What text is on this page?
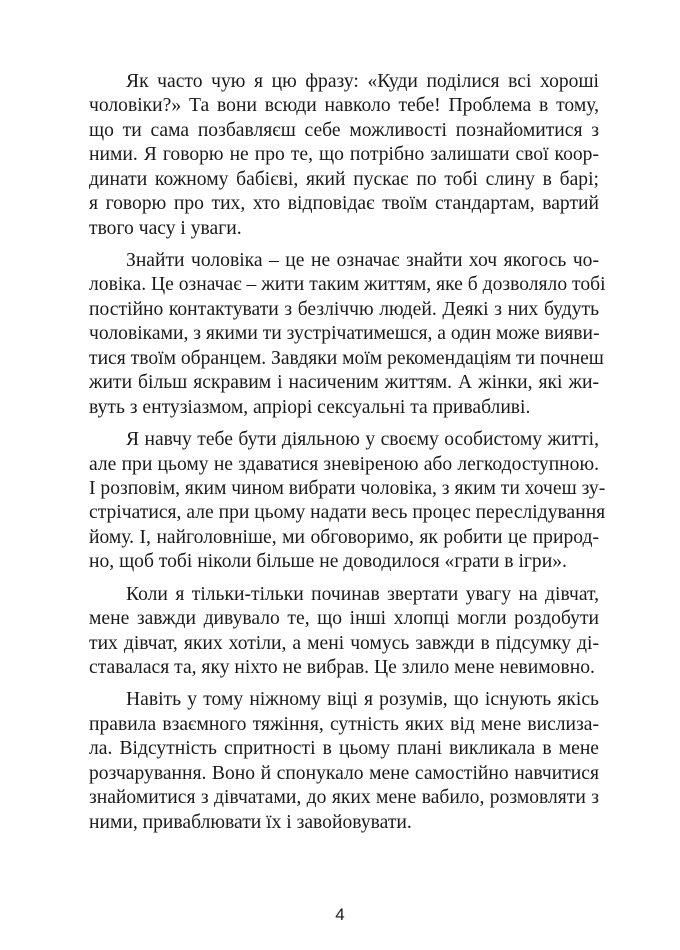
Як часто чую я цю фразу: «Куди поділися всі хороші
чоловіки?» Та вони всюди навколо тебе! Проблема в тому,
що ти сама позбавляєш себе можливості познайомитися з
ними. Я говорю не про те, що потрібно залишати свої коор-
динати кожному бабієві, який пускає по тобі слину в барі;
я говорю про тих, хто відповідає твоїм стандартам, вартий
твого часу і уваги.
Знайти чоловіка – це не означає знайти хоч якогось чо-
ловіка. Це означає – жити таким життям, яке б дозволяло тобі
постійно контактувати з безліччю людей. Деякі з них будуть
чоловіками, з якими ти зустрічатимешся, а один може вияви-
тися твоїм обранцем. Завдяки моїм рекомендаціям ти почнеш
жити більш яскравим і насиченим життям. А жінки, які жи-
вуть з ентузіазмом, апріорі сексуальні та привабливі.
Я навчу тебе бути діяльною у своєму особистому житті,
але при цьому не здаватися зневіреною або легкодоступною.
І розповім, яким чином вибрати чоловіка, з яким ти хочеш зу-
стрічатися, але при цьому надати весь процес переслідування
йому. І, найголовніше, ми обговоримо, як робити це природ-
но, щоб тобі ніколи більше не доводилося «грати в ігри».
Коли я тільки-тільки починав звертати увагу на дівчат,
мене завжди дивувало те, що інші хлопці могли роздобути
тих дівчат, яких хотіли, а мені чомусь завжди в підсумку ді-
ставалася та, яку ніхто не вибрав. Це злило мене невимовно.
Навіть у тому ніжному віці я розумів, що існують якісь
правила взаємного тяжіння, сутність яких від мене вислиза-
ла. Відсутність спритності в цьому плані викликала в мене
розчарування. Воно й спонукало мене самостійно навчитися
знайомитися з дівчатами, до яких мене вабило, розмовляти з
ними, приваблювати їх і завойовувати.
4
